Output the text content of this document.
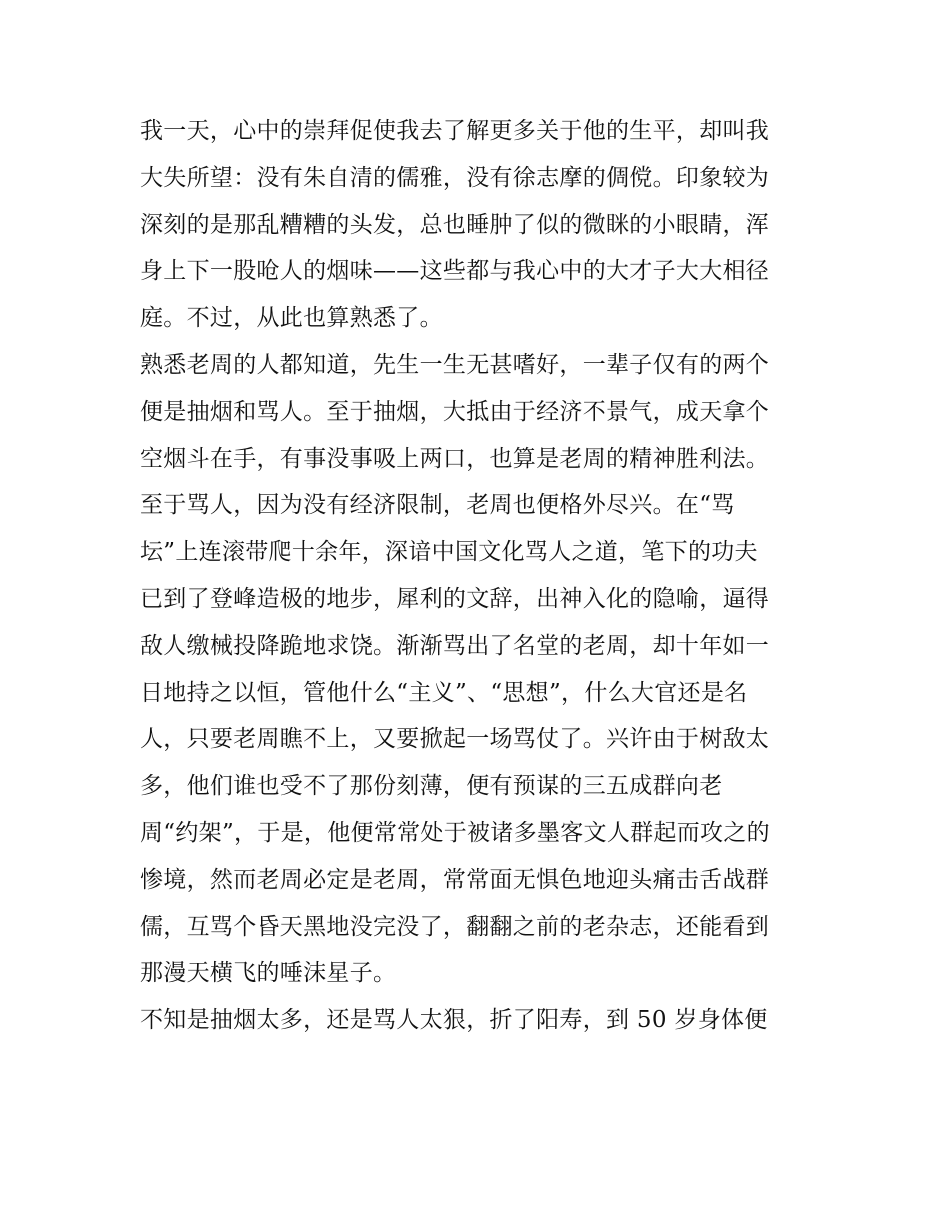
我一天，心中的崇拜促使我去了解更多关于他的生平，却叫我
大失所望：没有朱自清的儒雅，没有徐志摩的倜傥。印象较为
深刻的是那乱糟糟的头发，总也睡肿了似的微眯的小眼睛，浑
身上下一股呛人的烟味——这些都与我心中的大才子大大相径
庭。不过，从此也算熟悉了。
熟悉老周的人都知道，先生一生无甚嗜好，一辈子仅有的两个
便是抽烟和骂人。至于抽烟，大抵由于经济不景气，成天拿个
空烟斗在手，有事没事吸上两口，也算是老周的精神胜利法。
至于骂人，因为没有经济限制，老周也便格外尽兴。在“骂
坛”上连滚带爬十余年，深谙中国文化骂人之道，笔下的功夫
已到了登峰造极的地步，犀利的文辞，出神入化的隐喻，逼得
敌人缴械投降跪地求饶。渐渐骂出了名堂的老周，却十年如一
日地持之以恒，管他什么“主义”、“思想”，什么大官还是名
人，只要老周瞧不上，又要掀起一场骂仗了。兴许由于树敌太
多，他们谁也受不了那份刻薄，便有预谋的三五成群向老
周“约架”，于是，他便常常处于被诸多墨客文人群起而攻之的
惨境，然而老周必定是老周，常常面无惧色地迎头痛击舌战群
儒，互骂个昏天黑地没完没了，翻翻之前的老杂志，还能看到
那漫天横飞的唾沫星子。
不知是抽烟太多，还是骂人太狠，折了阳寿，到 50 岁身体便
